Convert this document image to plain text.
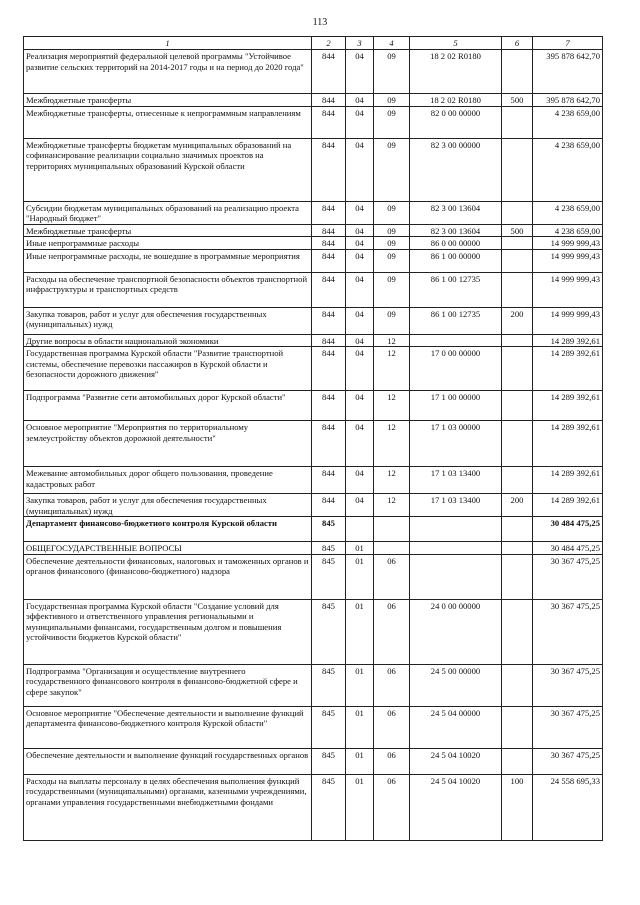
113
1	2	3	4	5	6	7
Реализация мероприятий федеральной целевой программы "Устойчивое развитие сельских территорий на 2014-2017 годы и на период до 2020 года"	844	04	09	18 2 02 R0180		395 878 642,70
Межбюджетные трансферты	844	04	09	18 2 02 R0180	500	395 878 642,70
Межбюджетные трансферты, отнесенные к непрограммным направлениям	844	04	09	82 0 00 00000		4 238 659,00
Межбюджетные трансферты бюджетам муниципальных образований на софинансирование реализации социально значимых проектов на территориях муниципальных образований Курской области	844	04	09	82 3 00 00000		4 238 659,00
Субсидии бюджетам муниципальных образований на реализацию проекта "Народный бюджет"	844	04	09	82 3 00 13604		4 238 659,00
Межбюджетные трансферты	844	04	09	82 3 00 13604	500	4 238 659,00
Иные непрограммные расходы	844	04	09	86 0 00 00000		14 999 999,43
Иные непрограммные расходы, не вошедшие в программные мероприятия	844	04	09	86 1 00 00000		14 999 999,43
Расходы на обеспечение транспортной безопасности объектов транспортной инфраструктуры и транспортных средств	844	04	09	86 1 00 12735		14 999 999,43
Закупка товаров, работ и услуг для обеспечения государственных (муниципальных) нужд	844	04	09	86 1 00 12735	200	14 999 999,43
Другие вопросы в области национальной экономики	844	04	12			14 289 392,61
Государственная программа Курской области "Развитие транспортной системы, обеспечение перевозки пассажиров в Курской области и безопасности дорожного движения"	844	04	12	17 0 00 00000		14 289 392,61
Подпрограмма "Развитие сети автомобильных дорог Курской области"	844	04	12	17 1 00 00000		14 289 392,61
Основное мероприятие "Мероприятия по территориальному землеустройству объектов дорожной деятельности"	844	04	12	17 1 03 00000		14 289 392,61
Межевание автомобильных дорог общего пользования, проведение кадастровых работ	844	04	12	17 1 03 13400		14 289 392,61
Закупка товаров, работ и услуг для обеспечения государственных (муниципальных) нужд	844	04	12	17 1 03 13400	200	14 289 392,61
Департамент финансово-бюджетного контроля Курской области	845					30 484 475,25
ОБЩЕГОСУДАРСТВЕННЫЕ ВОПРОСЫ	845	01				30 484 475,25
Обеспечение деятельности финансовых, налоговых и таможенных органов и органов финансового (финансово-бюджетного) надзора	845	01	06			30 367 475,25
Государственная программа Курской области "Создание условий для эффективного и ответственного управления региональными и муниципальными финансами, государственным долгом и повышения устойчивости бюджетов Курской области"	845	01	06	24 0 00 00000		30 367 475,25
Подпрограмма "Организация и осуществление внутреннего государственного финансового контроля в финансово-бюджетной сфере и сфере закупок"	845	01	06	24 5 00 00000		30 367 475,25
Основное мероприятие "Обеспечение деятельности и выполнение функций департамента финансово-бюджетного контроля Курской области"	845	01	06	24 5 04 00000		30 367 475,25
Обеспечение деятельности и выполнение функций государственных органов	845	01	06	24 5 04 10020		30 367 475,25
Расходы на выплаты персоналу в целях обеспечения выполнения функций государственными (муниципальными) органами, казенными учреждениями, органами управления государственными внебюджетными фондами	845	01	06	24 5 04 10020	100	24 558 695,33
